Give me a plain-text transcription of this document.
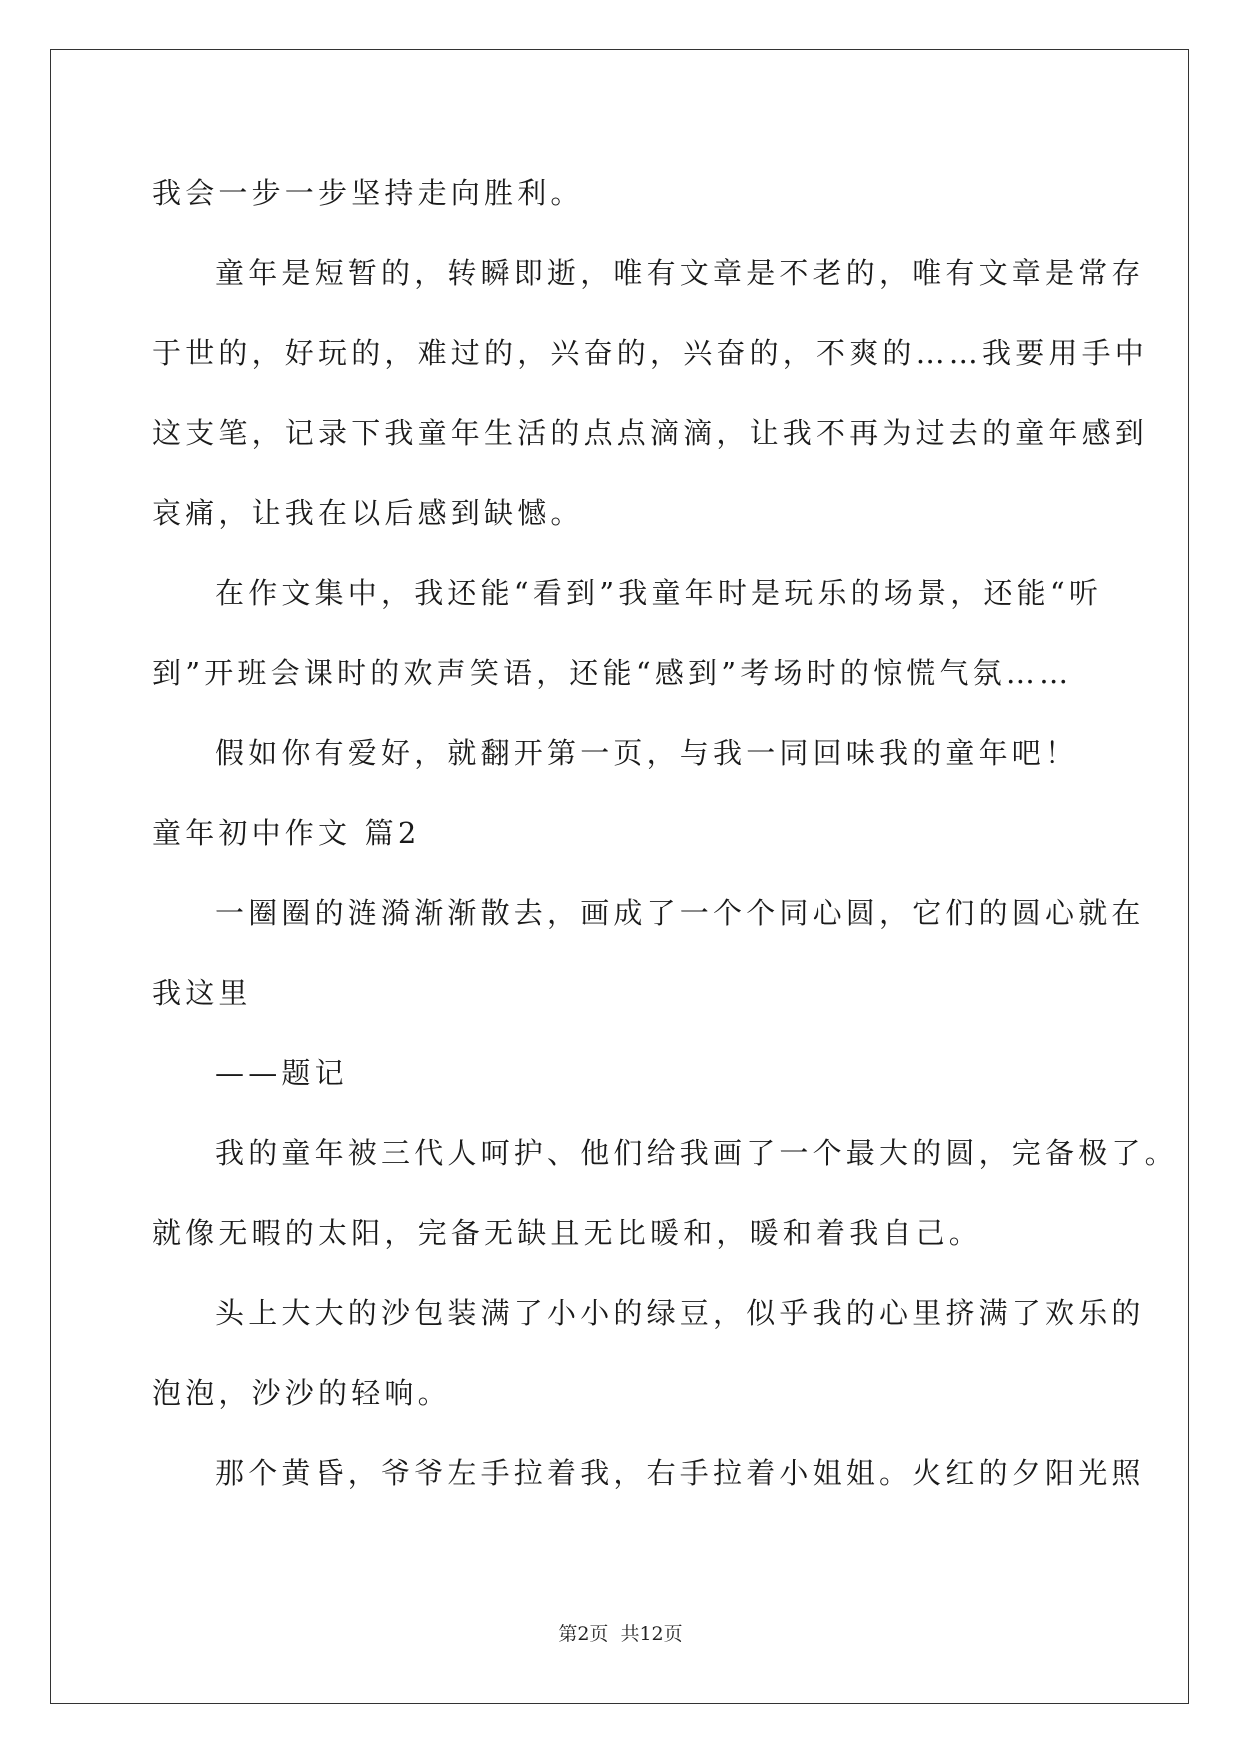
我会一步一步坚持走向胜利。
童年是短暂的，转瞬即逝，唯有文章是不老的，唯有文章是常存
于世的，好玩的，难过的，兴奋的，兴奋的，不爽的……我要用手中
这支笔，记录下我童年生活的点点滴滴，让我不再为过去的童年感到
哀痛，让我在以后感到缺憾。
在作文集中，我还能“看到”我童年时是玩乐的场景，还能“听
到”开班会课时的欢声笑语，还能“感到”考场时的惊慌气氛……
假如你有爱好，就翻开第一页，与我一同回味我的童年吧！
童年初中作文 篇2
一圈圈的涟漪渐渐散去，画成了一个个同心圆，它们的圆心就在
我这里
——题记
我的童年被三代人呵护、他们给我画了一个最大的圆，完备极了。
就像无暇的太阳，完备无缺且无比暖和，暖和着我自己。
头上大大的沙包装满了小小的绿豆，似乎我的心里挤满了欢乐的
泡泡，沙沙的轻响。
那个黄昏，爷爷左手拉着我，右手拉着小姐姐。火红的夕阳光照
第2页 共12页
